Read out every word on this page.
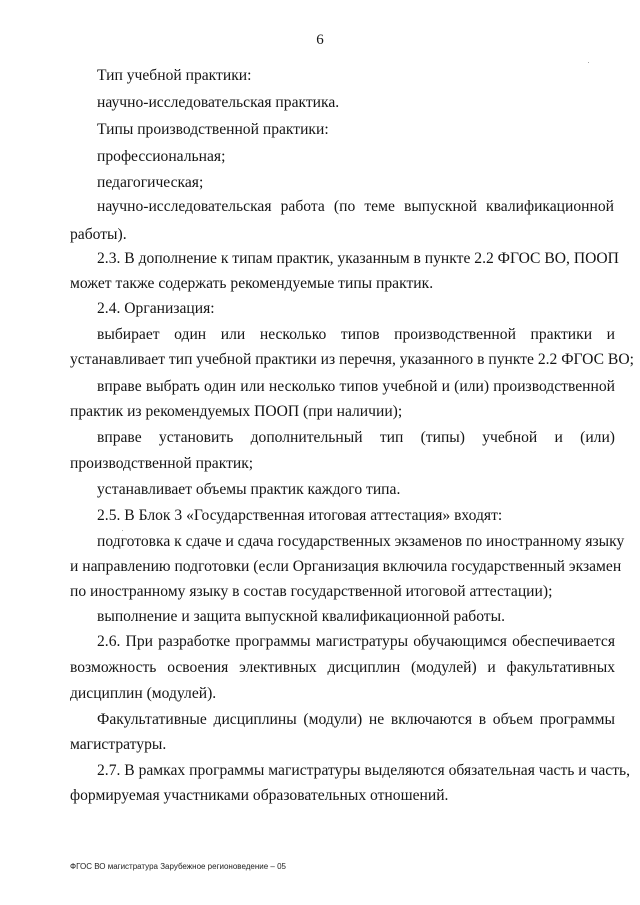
6
Тип учебной практики:
научно-исследовательская практика.
Типы производственной практики:
профессиональная;
педагогическая;
научно-исследовательская работа (по теме выпускной квалификационной
работы).
2.3. В дополнение к типам практик, указанным в пункте 2.2 ФГОС ВО, ПООП
может также содержать рекомендуемые типы практик.
2.4. Организация:
выбирает один или несколько типов производственной практики и
устанавливает тип учебной практики из перечня, указанного в пункте 2.2 ФГОС ВО;
вправе выбрать один или несколько типов учебной и (или) производственной
практик из рекомендуемых ПООП (при наличии);
вправе установить дополнительный тип (типы) учебной и (или)
производственной практик;
устанавливает объемы практик каждого типа.
2.5. В Блок 3 «Государственная итоговая аттестация» входят:
подготовка к сдаче и сдача государственных экзаменов по иностранному языку
и направлению подготовки (если Организация включила государственный экзамен
по иностранному языку в состав государственной итоговой аттестации);
выполнение и защита выпускной квалификационной работы.
2.6. При разработке программы магистратуры обучающимся обеспечивается
возможность освоения элективных дисциплин (модулей) и факультативных
дисциплин (модулей).
Факультативные дисциплины (модули) не включаются в объем программы
магистратуры.
2.7. В рамках программы магистратуры выделяются обязательная часть и часть,
формируемая участниками образовательных отношений.
ФГОС ВО магистратура Зарубежное регионоведение – 05
